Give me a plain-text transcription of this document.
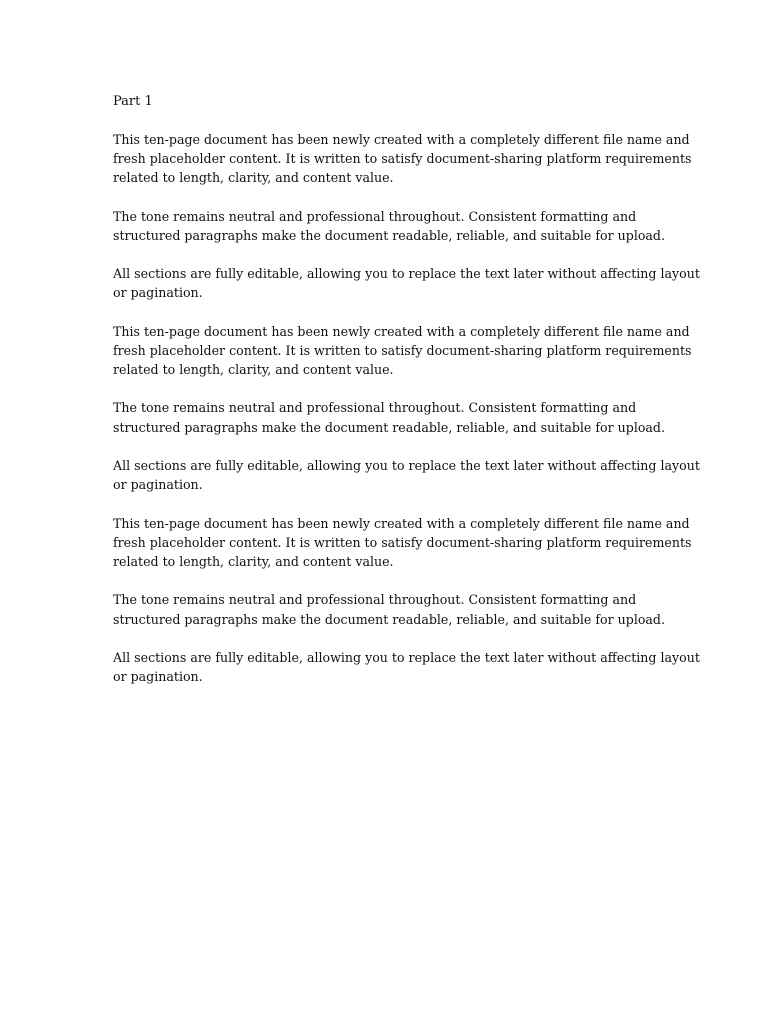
Part 1

This ten-page document has been newly created with a completely different file name and
fresh placeholder content. It is written to satisfy document-sharing platform requirements
related to length, clarity, and content value.

The tone remains neutral and professional throughout. Consistent formatting and
structured paragraphs make the document readable, reliable, and suitable for upload.

All sections are fully editable, allowing you to replace the text later without affecting layout
or pagination.

This ten-page document has been newly created with a completely different file name and
fresh placeholder content. It is written to satisfy document-sharing platform requirements
related to length, clarity, and content value.

The tone remains neutral and professional throughout. Consistent formatting and
structured paragraphs make the document readable, reliable, and suitable for upload.

All sections are fully editable, allowing you to replace the text later without affecting layout
or pagination.

This ten-page document has been newly created with a completely different file name and
fresh placeholder content. It is written to satisfy document-sharing platform requirements
related to length, clarity, and content value.

The tone remains neutral and professional throughout. Consistent formatting and
structured paragraphs make the document readable, reliable, and suitable for upload.

All sections are fully editable, allowing you to replace the text later without affecting layout
or pagination.
